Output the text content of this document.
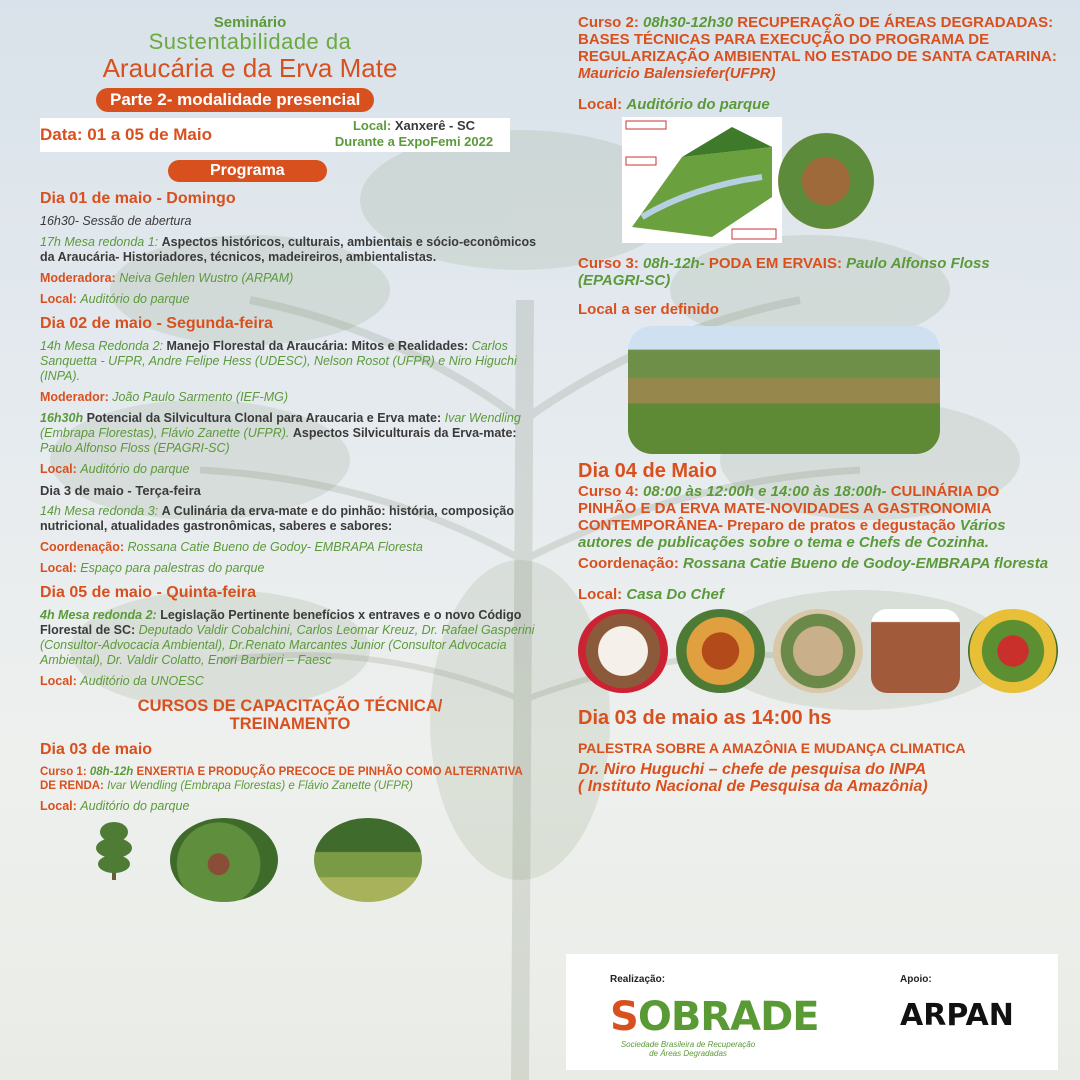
Seminário
Sustentabilidade da
Araucária e da Erva Mate
Parte 2- modalidade presencial
Data: 01 a 05 de Maio	Local: Xanxerê - SC
Durante a ExpoFemi 2022
Programa
Dia 01 de maio - Domingo
16h30- Sessão de abertura
17h Mesa redonda 1: Aspectos históricos, culturais, ambientais e sócio-econômicos da Araucária- Historiadores, técnicos, madeireiros, ambientalistas.
Moderadora: Neiva Gehlen Wustro (ARPAM)
Local: Auditório do parque
Dia 02 de maio - Segunda-feira
14h Mesa Redonda 2: Manejo Florestal da Araucária: Mitos e Realidades: Carlos Sanquetta - UFPR, Andre Felipe Hess (UDESC), Nelson Rosot (UFPR) e Niro Higuchi (INPA).
Moderador: João Paulo Sarmento (IEF-MG)
16h30h Potencial da Silvicultura Clonal para Araucaria e Erva mate: Ivar Wendling (Embrapa Florestas), Flávio Zanette (UFPR). Aspectos Silviculturais da Erva-mate: Paulo Alfonso Floss (EPAGRI-SC)
Local: Auditório do parque
Dia 3 de maio - Terça-feira
14h Mesa redonda 3: A Culinária da erva-mate e do pinhão: história, composição nutricional, atualidades gastronômicas, saberes e sabores:
Coordenação: Rossana Catie Bueno de Godoy- EMBRAPA Floresta
Local: Espaço para palestras do parque
Dia 05 de maio - Quinta-feira
4h Mesa redonda 2: Legislação Pertinente benefícios x entraves e o novo Código Florestal de SC: Deputado Valdir Cobalchini, Carlos Leomar Kreuz, Dr. Rafael Gasperini (Consultor-Advocacia Ambiental), Dr.Renato Marcantes Junior (Consultor Advocacia Ambiental), Dr. Valdir Colatto, Enori Barbieri – Faesc
Local: Auditório da UNOESC
CURSOS DE CAPACITAÇÃO TÉCNICA/
TREINAMENTO
Dia 03 de maio
Curso 1: 08h-12h ENXERTIA E PRODUÇÃO PRECOCE DE PINHÃO COMO ALTERNATIVA DE RENDA: Ivar Wendling (Embrapa Florestas) e Flávio Zanette (UFPR)
Local: Auditório do parque
Curso 2: 08h30-12h30 RECUPERAÇÃO DE ÁREAS DEGRADADAS: BASES TÉCNICAS PARA EXECUÇÃO DO PROGRAMA DE REGULARIZAÇÃO AMBIENTAL NO ESTADO DE SANTA CATARINA:
Mauricio Balensiefer(UFPR)
Local: Auditório do parque
Curso 3: 08h-12h- PODA EM ERVAIS: Paulo Alfonso Floss (EPAGRI-SC)
Local a ser definido
Dia 04 de Maio
Curso 4: 08:00 às 12:00h e 14:00 às 18:00h- CULINÁRIA DO PINHÃO E DA ERVA MATE-NOVIDADES A GASTRONOMIA CONTEMPORÂNEA- Preparo de pratos e degustação Vários autores de publicações sobre o tema e Chefs de Cozinha.
Coordenação: Rossana Catie Bueno de Godoy-EMBRAPA floresta
Local: Casa Do Chef
Dia 03 de maio as 14:00 hs
PALESTRA SOBRE A AMAZÔNIA E MUDANÇA CLIMATICA
Dr. Niro Huguchi – chefe de pesquisa do INPA
( Instituto Nacional de Pesquisa da Amazônia)
Realização:
SOBRADE
Sociedade Brasileira de Recuperação de Áreas Degradadas
Apoio:
ARPAN
